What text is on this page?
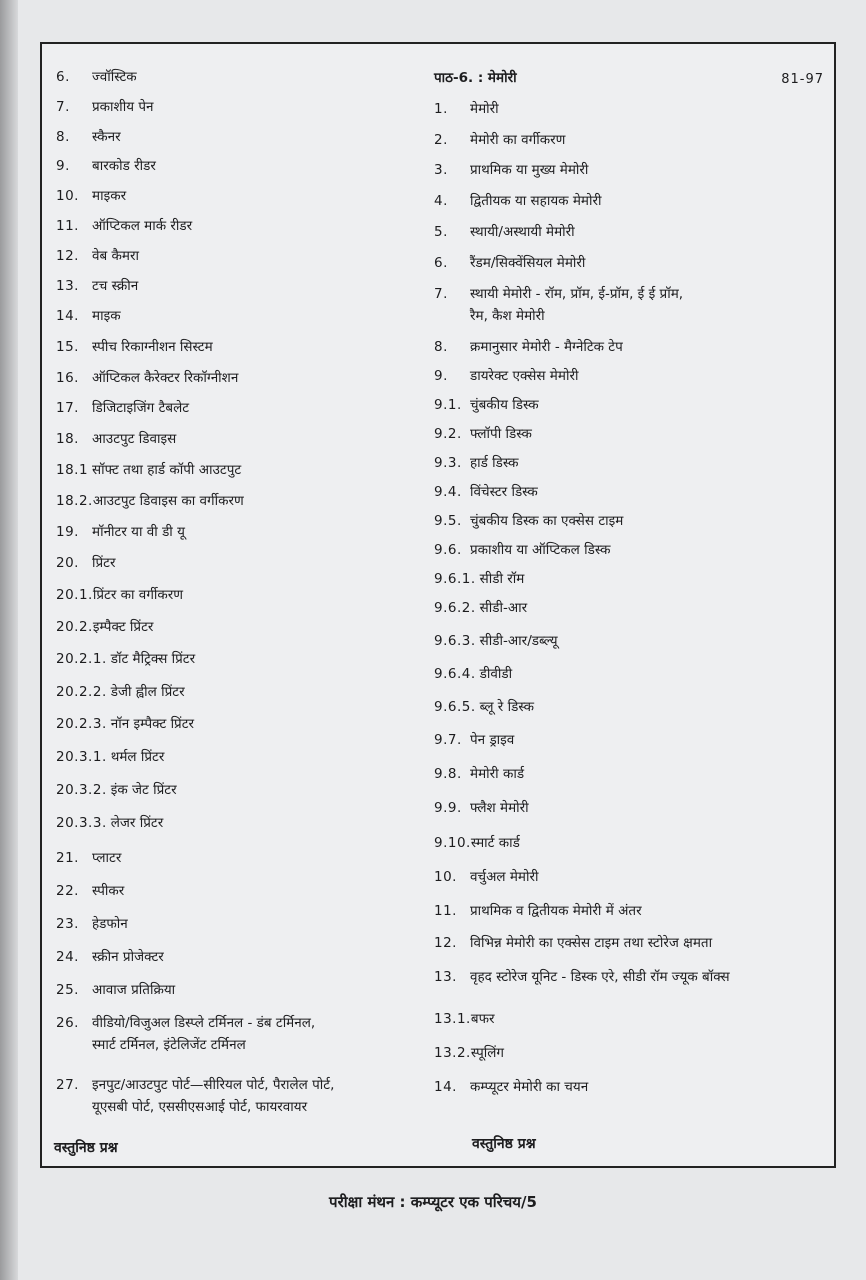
6.	ज्वॉस्टिक
7.	प्रकाशीय पेन
8.	स्कैनर
9.	बारकोड रीडर
10. माइकर
11. ऑप्टिकल मार्क रीडर
12. वेब कैमरा
13. टच स्क्रीन
14. माइक
15. स्पीच रिकाग्नीशन सिस्टम
16. ऑप्टिकल कैरेक्टर रिकॉग्नीशन
17. डिजिटाइजिंग टैबलेट
18. आउटपुट डिवाइस
18.1 सॉफ्ट तथा हार्ड कॉपी आउटपुट
18.2. आउटपुट डिवाइस का वर्गीकरण
19. मॉनीटर या वी डी यू
20. प्रिंटर
20.1. प्रिंटर का वर्गीकरण
20.2. इम्पैक्ट प्रिंटर
20.2.1. डॉट मैट्रिक्स प्रिंटर
20.2.2. डेजी ह्वील प्रिंटर
20.2.3. नॉन इम्पैक्ट प्रिंटर
20.3.1. थर्मल प्रिंटर
20.3.2. इंक जेट प्रिंटर
20.3.3. लेजर प्रिंटर
21. प्लाटर
22. स्पीकर
23. हेडफोन
24. स्क्रीन प्रोजेक्टर
25. आवाज प्रतिक्रिया
26. वीडियो/विजुअल डिस्प्ले टर्मिनल - डंब टर्मिनल,
स्मार्ट टर्मिनल, इंटेलिजेंट टर्मिनल
27. इनपुट/आउटपुट पोर्ट—सीरियल पोर्ट, पैरालेल पोर्ट,
यूएसबी पोर्ट, एससीएसआई पोर्ट, फायरवायर
पाठ-6. : मेमोरी	81-97
1.	मेमोरी
2.	मेमोरी का वर्गीकरण
3.	प्राथमिक या मुख्य मेमोरी
4.	द्वितीयक या सहायक मेमोरी
5.	स्थायी/अस्थायी मेमोरी
6.	रैंडम/सिक्वेंसियल मेमोरी
7.	स्थायी मेमोरी - रॉम, प्रॉम, ई-प्रॉम, ई ई प्रॉम,
रैम, कैश मेमोरी
8.	क्रमानुसार मेमोरी - मैग्नेटिक टेप
9.	डायरेक्ट एक्सेस मेमोरी
9.1. चुंबकीय डिस्क
9.2. फ्लॉपी डिस्क
9.3. हार्ड डिस्क
9.4. विंचेस्टर डिस्क
9.5. चुंबकीय डिस्क का एक्सेस टाइम
9.6. प्रकाशीय या ऑप्टिकल डिस्क
9.6.1. सीडी रॉम
9.6.2. सीडी-आर
9.6.3. सीडी-आर/डब्ल्यू
9.6.4. डीवीडी
9.6.5. ब्लू रे डिस्क
9.7. पेन ड्राइव
9.8. मेमोरी कार्ड
9.9. फ्लैश मेमोरी
9.10. स्मार्ट कार्ड
10. वर्चुअल मेमोरी
11. प्राथमिक व द्वितीयक मेमोरी में अंतर
12. विभिन्न मेमोरी का एक्सेस टाइम तथा स्टोरेज क्षमता
13. वृहद स्टोरेज यूनिट - डिस्क एरे, सीडी रॉम ज्यूक बॉक्स
13.1. बफर
13.2. स्पूलिंग
14. कम्प्यूटर मेमोरी का चयन
वस्तुनिष्ठ प्रश्न	वस्तुनिष्ठ प्रश्न
परीक्षा मंथन : कम्प्यूटर एक परिचय/5
